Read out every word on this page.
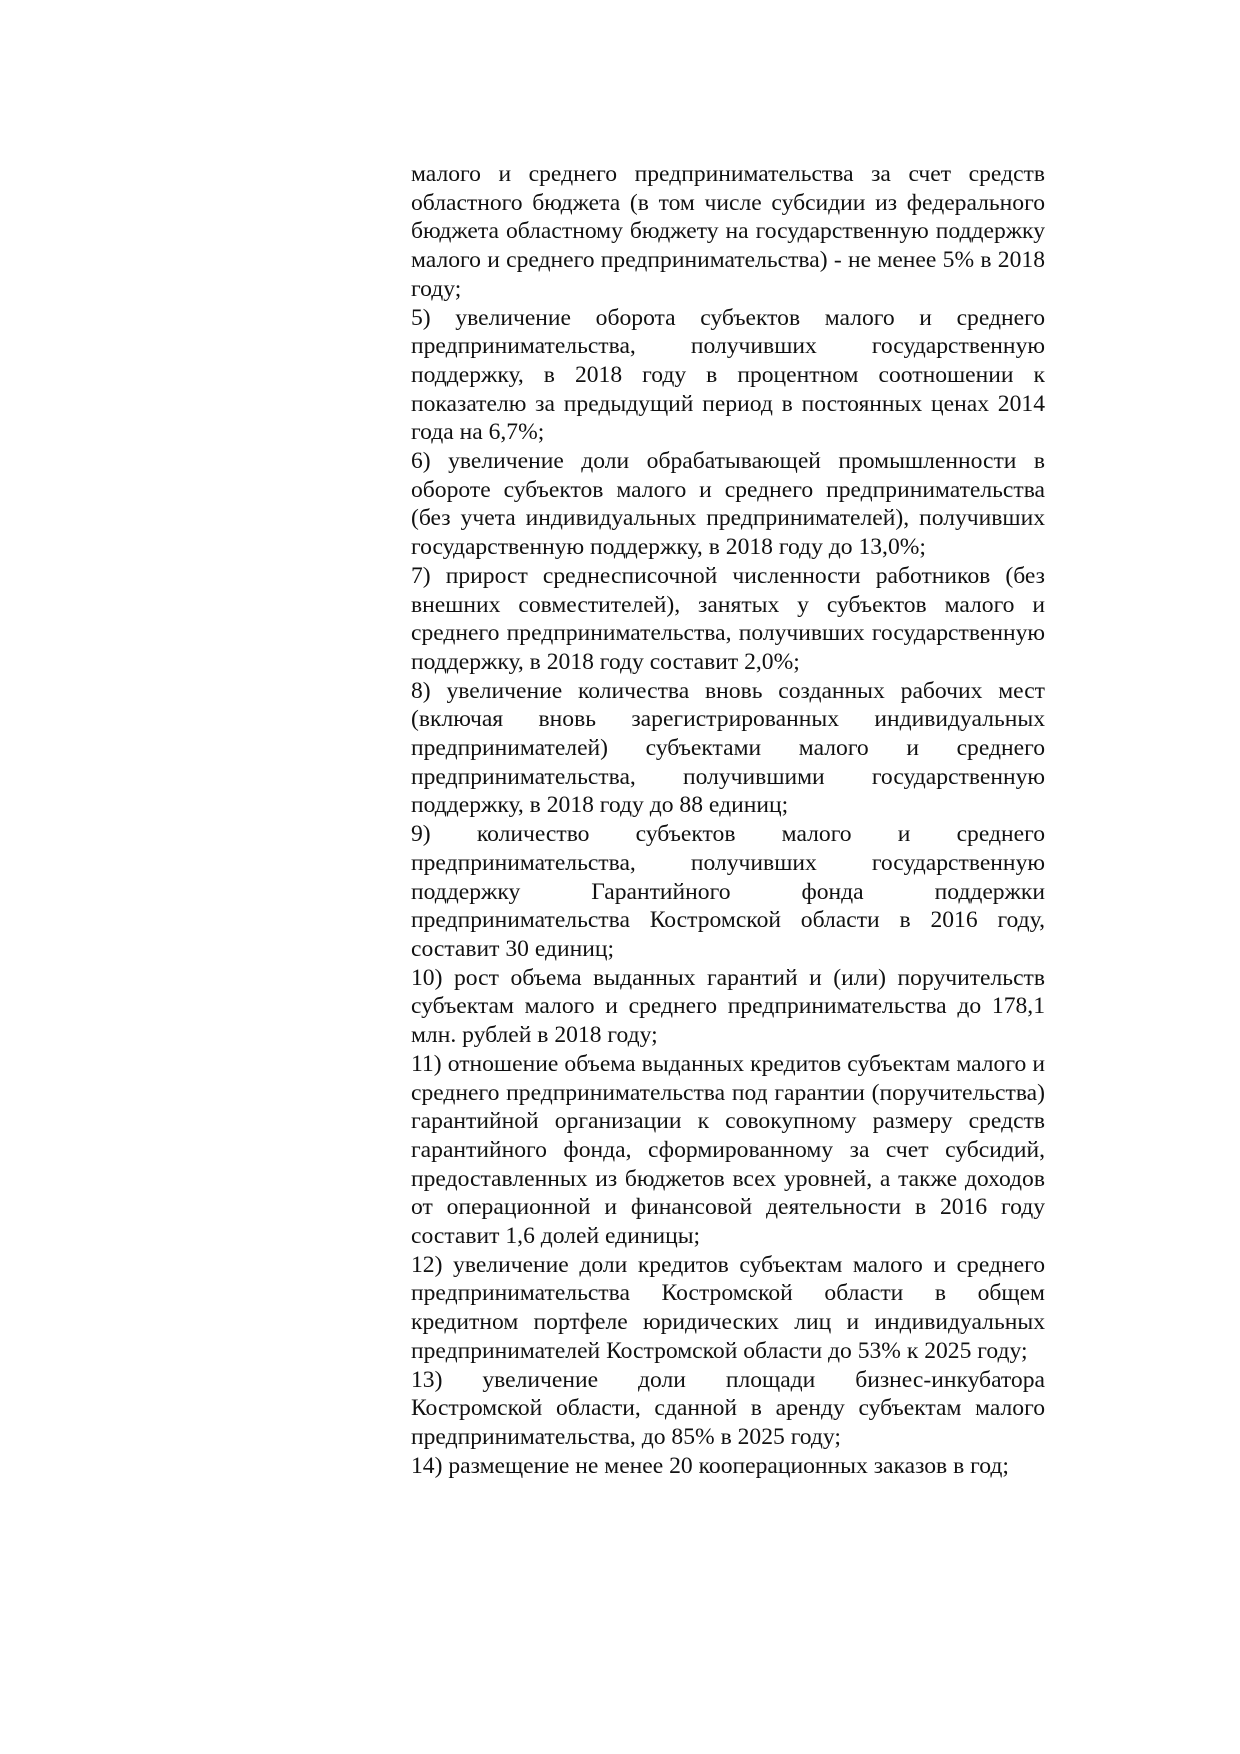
малого и среднего предпринимательства за счет средств областного бюджета (в том числе субсидии из федерального бюджета областному бюджету на государственную поддержку малого и среднего предпринимательства) - не менее 5% в 2018 году;

5) увеличение оборота субъектов малого и среднего предпринимательства, получивших государственную поддержку, в 2018 году в процентном соотношении к показателю за предыдущий период в постоянных ценах 2014 года на 6,7%;

6) увеличение доли обрабатывающей промышленности в обороте субъектов малого и среднего предпринимательства (без учета индивидуальных предпринимателей), получивших государственную поддержку, в 2018 году до 13,0%;

7) прирост среднесписочной численности работников (без внешних совместителей), занятых у субъектов малого и среднего предпринимательства, получивших государственную поддержку, в 2018 году составит 2,0%;

8) увеличение количества вновь созданных рабочих мест (включая вновь зарегистрированных индивидуальных предпринимателей) субъектами малого и среднего предпринимательства, получившими государственную поддержку, в 2018 году до 88 единиц;

9) количество субъектов малого и среднего предпринимательства, получивших государственную поддержку Гарантийного фонда поддержки предпринимательства Костромской области в 2016 году, составит 30 единиц;

10) рост объема выданных гарантий и (или) поручительств субъектам малого и среднего предпринимательства до 178,1 млн. рублей в 2018 году;

11) отношение объема выданных кредитов субъектам малого и среднего предпринимательства под гарантии (поручительства) гарантийной организации к совокупному размеру средств гарантийного фонда, сформированному за счет субсидий, предоставленных из бюджетов всех уровней, а также доходов от операционной и финансовой деятельности в 2016 году составит 1,6 долей единицы;

12) увеличение доли кредитов субъектам малого и среднего предпринимательства Костромской области в общем кредитном портфеле юридических лиц и индивидуальных предпринимателей Костромской области до 53% к 2025 году;

13) увеличение доли площади бизнес-инкубатора Костромской области, сданной в аренду субъектам малого предпринимательства, до 85% в 2025 году;

14) размещение не менее 20 кооперационных заказов в год;
